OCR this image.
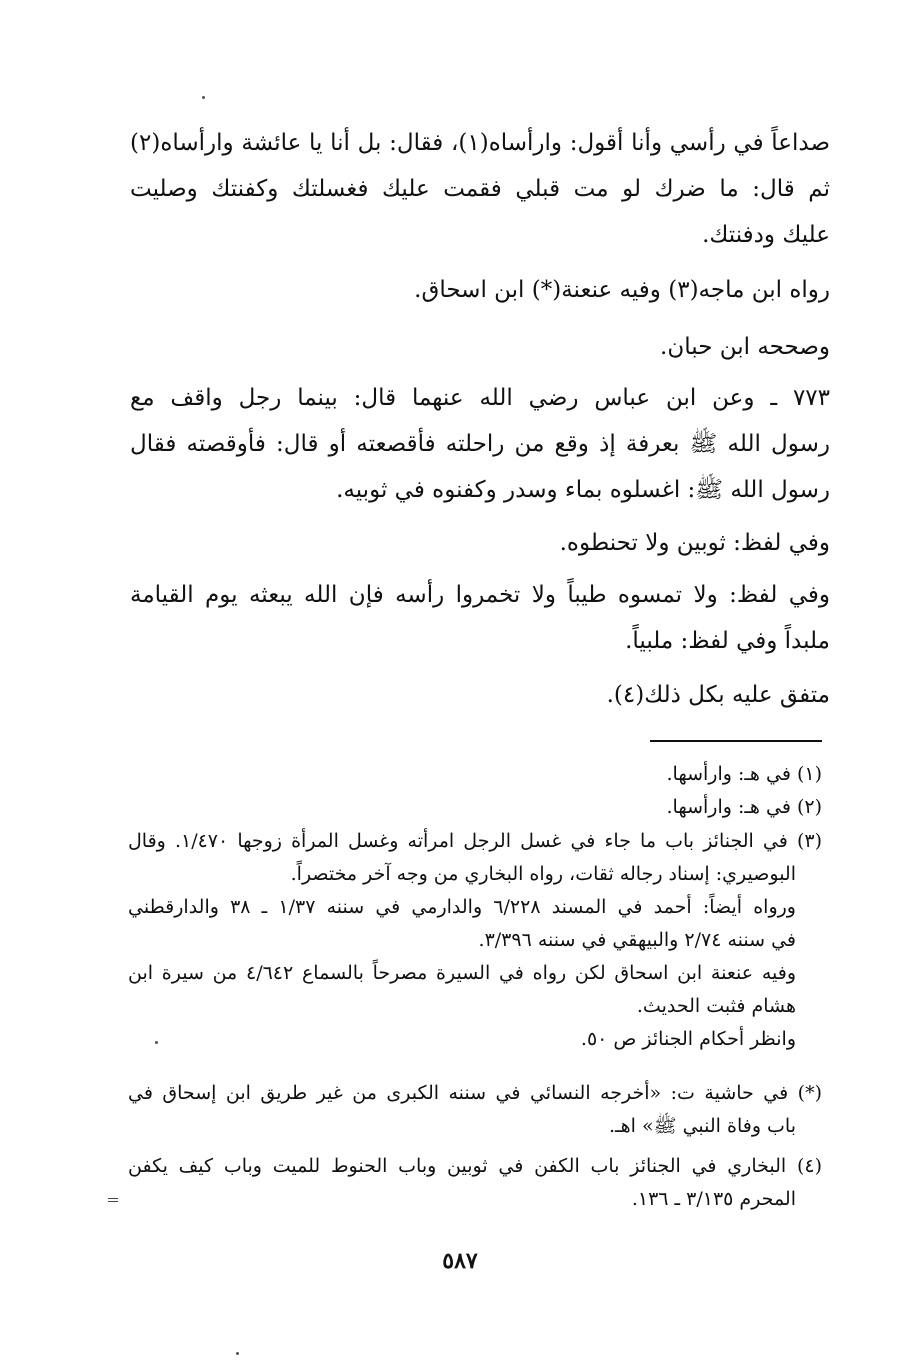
صداعاً في رأسي وأنا أقول: وارأساه(١)، فقال: بل أنا يا عائشة وارأساه(٢)
ثم قال: ما ضرك لو مت قبلي فقمت عليك فغسلتك وكفنتك وصليت
عليك ودفنتك.
رواه ابن ماجه(٣) وفيه عنعنة(*) ابن اسحاق.
وصححه ابن حبان.
٧٧٣ ـ وعن ابن عباس رضي الله عنهما قال: بينما رجل واقف مع
رسول الله ﷺ بعرفة إذ وقع من راحلته فأقصعته أو قال: فأوقصته فقال
رسول الله ﷺ: اغسلوه بماء وسدر وكفنوه في ثوبيه.
وفي لفظ: ثوبين ولا تحنطوه.
وفي لفظ: ولا تمسوه طيباً ولا تخمروا رأسه فإن الله يبعثه يوم القيامة
ملبداً وفي لفظ: ملبياً.
متفق عليه بكل ذلك(٤).
(١) في هـ: وارأسها.
(٢) في هـ: وارأسها.
(٣) في الجنائز باب ما جاء في غسل الرجل امرأته وغسل المرأة زوجها ١/٤٧٠. وقال
البوصيري: إسناد رجاله ثقات، رواه البخاري من وجه آخر مختصراً.
ورواه أيضاً: أحمد في المسند ٦/٢٢٨ والدارمي في سننه ١/٣٧ ـ ٣٨ والدارقطني
في سننه ٢/٧٤ والبيهقي في سننه ٣/٣٩٦.
وفيه عنعنة ابن اسحاق لكن رواه في السيرة مصرحاً بالسماع ٤/٦٤٢ من سيرة ابن
هشام فثبت الحديث.
وانظر أحكام الجنائز ص ٥٠.
(*) في حاشية ت: «أخرجه النسائي في سننه الكبرى من غير طريق ابن إسحاق في
باب وفاة النبي ﷺ» اهـ.
(٤) البخاري في الجنائز باب الكفن في ثوبين وباب الحنوط للميت وباب كيف يكفن
المحرم ٣/١٣٥ ـ ١٣٦.
٥٨٧
